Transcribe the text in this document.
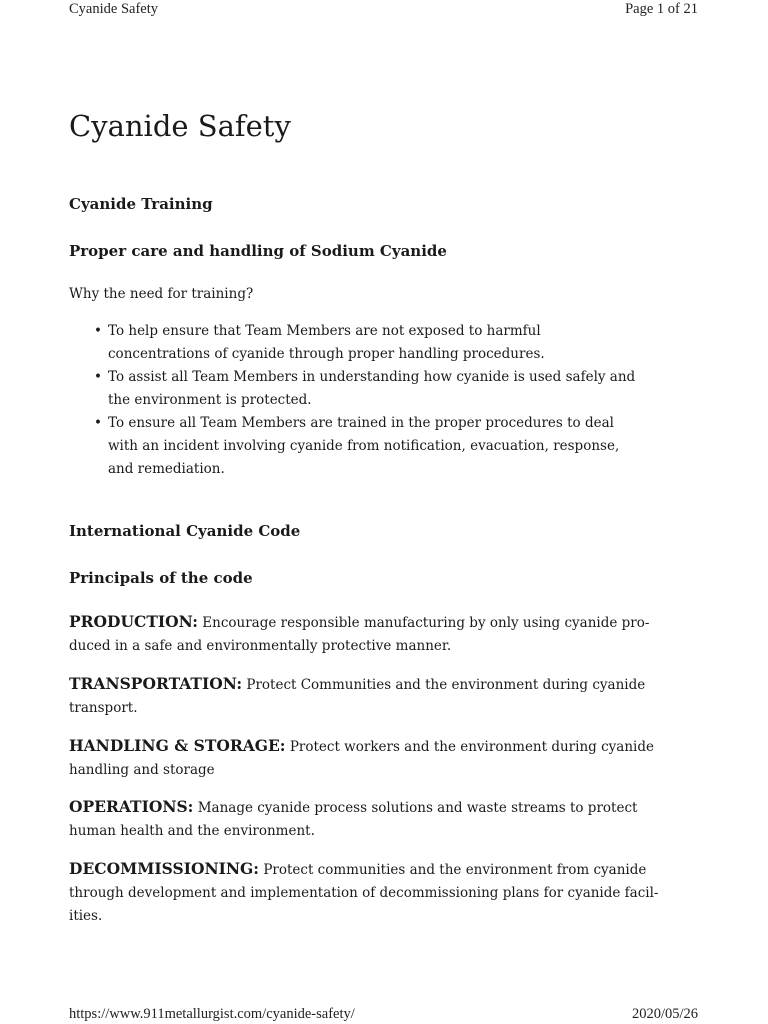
Cyanide Safety	Page 1 of 21
Cyanide Safety
Cyanide Training
Proper care and handling of Sodium Cyanide

Why the need for training?

• To help ensure that Team Members are not exposed to harmful
concentrations of cyanide through proper handling procedures.
• To assist all Team Members in understanding how cyanide is used safely and
the environment is protected.
• To ensure all Team Members are trained in the proper procedures to deal
with an incident involving cyanide from notification, evacuation, response,
and remediation.
International Cyanide Code
Principals of the code
PRODUCTION: Encourage responsible manufacturing by only using cyanide pro-
duced in a safe and environmentally protective manner.
TRANSPORTATION: Protect Communities and the environment during cyanide
transport.
HANDLING & STORAGE: Protect workers and the environment during cyanide
handling and storage
OPERATIONS: Manage cyanide process solutions and waste streams to protect
human health and the environment.
DECOMMISSIONING: Protect communities and the environment from cyanide
through development and implementation of decommissioning plans for cyanide facil-
ities.
https://www.911metallurgist.com/cyanide-safety/	2020/05/26
